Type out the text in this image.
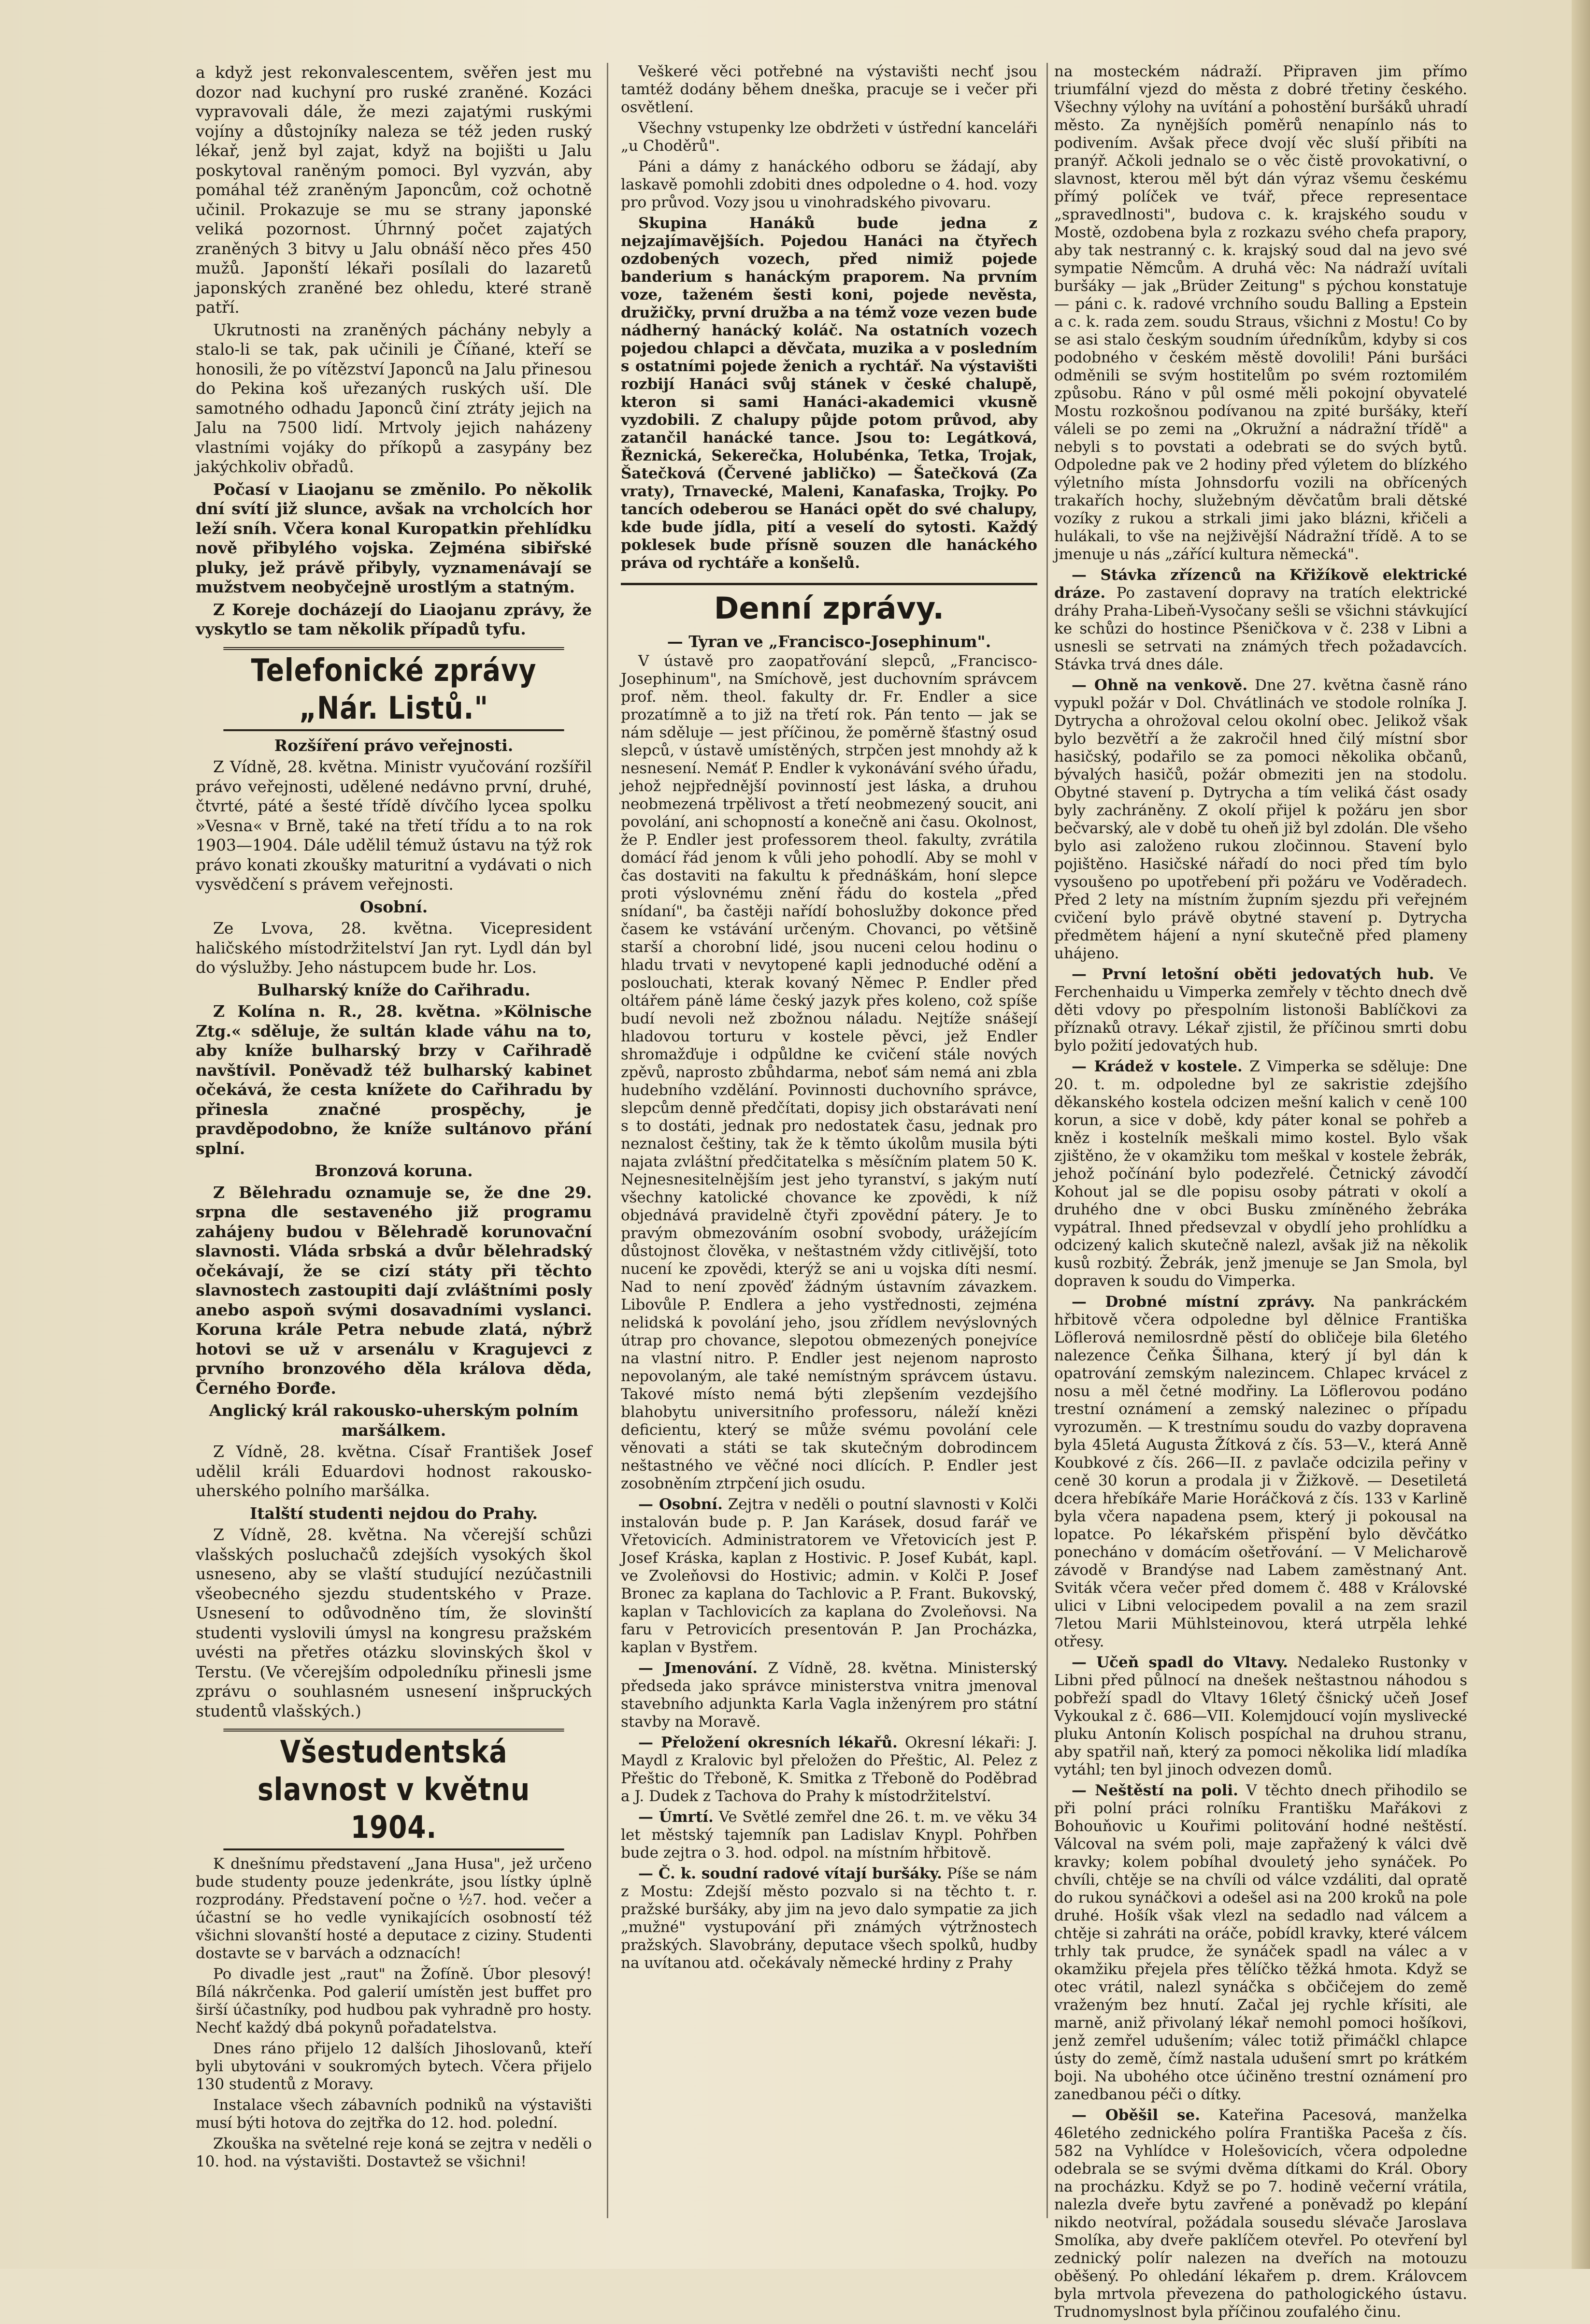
a když jest rekonvalescentem, svěřen jest mu dozor nad kuchyní pro ruské zraněné. Kozáci vypravovali dále, že mezi zajatými ruskými vojíny a důstojníky naleza se též jeden ruský lékař, jenž byl zajat, když na bojišti u Jalu poskytoval raněným pomoci. Byl vyzván, aby pomáhal též zraněným Japoncům, což ochotně učinil. Prokazuje se mu se strany japonské veliká pozornost. Úhrnný počet zajatých zraněných 3 bitvy u Jalu obnáší něco přes 450 mužů. Japonští lékaři posílali do lazaretů japonských zraněné bez ohledu, které straně patří.

Ukrutnosti na zraněných páchány nebyly a stalo-li se tak, pak učinili je Číňané, kteří se honosili, že po vítězství Japonců na Jalu přinesou do Pekina koš uřezaných ruských uší. Dle samotného odhadu Japonců činí ztráty jejich na Jalu na 7500 lidí. Mrtvoly jejich naházeny vlastními vojáky do příkopů a zasypány bez jakýchkoliv obřadů.

Počasí v Liaojanu se změnilo. Po několik dní svítí již slunce, avšak na vrcholcích hor leží sníh. Včera konal Kuropatkin přehlídku nově přibylého vojska. Zejména sibiřské pluky, jež právě přibyly, vyznamenávají se mužstvem neobyčejně urostlým a statným.

Z Koreje docházejí do Liaojanu zprávy, že vyskytlo se tam několik případů tyfu.

Telefonické zprávy „Nár. Listů."
Rozšíření právo veřejnosti.

Z Vídně, 28. května. Ministr vyučování rozšířil právo veřejnosti, udělené nedávno první, druhé, čtvrté, páté a šesté třídě dívčího lycea spolku »Vesna« v Brně, také na třetí třídu a to na rok 1903—1904. Dále udělil témuž ústavu na týž rok právo konati zkoušky maturitní a vydávati o nich vysvědčení s právem veřejnosti.

Osobní.

Ze Lvova, 28. května. Vicepresident haličského místodržitelství Jan ryt. Lydl dán byl do výslužby. Jeho nástupcem bude hr. Los.

Bulharský kníže do Cařihradu.

Z Kolína n. R., 28. května. »Kölnische Ztg.« sděluje, že sultán klade váhu na to, aby kníže bulharský brzy v Cařihradě navštívil. Poněvadž též bulharský kabinet očekává, že cesta knížete do Cařihradu by přinesla značné prospěchy, je pravděpodobno, že kníže sultánovo přání splní.

Bronzová koruna.

Z Bělehradu oznamuje se, že dne 29. srpna dle sestaveného již programu zahájeny budou v Bělehradě korunovační slavnosti. Vláda srbská a dvůr bělehradský očekávají, že se cizí státy při těchto slavnostech zastoupiti dají zvláštními posly anebo aspoň svými dosavadními vyslanci. Koruna krále Petra nebude zlatá, nýbrž hotovi se už v arsenálu v Kragujevci z prvního bronzového děla králova děda, Černého Đorđe.

Anglický král rakousko-uherským polním maršálkem.

Z Vídně, 28. května. Císař František Josef udělil králi Eduardovi hodnost rakousko-uherského polního maršálka.

Italští studenti nejdou do Prahy.

Z Vídně, 28. května. Na včerejší schůzi vlašských posluchačů zdejších vysokých škol usneseno, aby se vlaští studující nezúčastnili všeobecného sjezdu studentského v Praze. Usnesení to odůvodněno tím, že slovinští studenti vyslovili úmysl na kongresu pražském uvésti na přetřes otázku slovinských škol v Terstu. (Ve včerejším odpoledníku přinesli jsme zprávu o souhlasném usnesení inšpruckých studentů vlašských.)

Všestudentská slavnost v květnu 1904.

K dnešnímu představení „Jana Husa", jež určeno bude studenty pouze jedenkráte, jsou lístky úplně rozprodány. Představení počne o ½7. hod. večer a účastní se ho vedle vynikajících osobností též všichni slovanští hosté a deputace z ciziny. Studenti dostavte se v barvách a odznacích!

Po divadle jest „raut" na Žofíně. Úbor plesový! Bílá nákrčenka. Pod galerií umístěn jest buffet pro širší účastníky, pod hudbou pak vyhradně pro hosty. Nechť každý dbá pokynů pořadatelstva.

Dnes ráno přijelo 12 dalších Jihoslovanů, kteří byli ubytováni v soukromých bytech. Včera přijelo 130 studentů z Moravy.

Instalace všech zábavních podniků na výstavišti musí býti hotova do zejtřka do 12. hod. polední.

Zkouška na světelné reje koná se zejtra v neděli o 10. hod. na výstavišti. Dostavtež se všichni!

Veškeré věci potřebné na výstavišti nechť jsou tamtéž dodány během dneška, pracuje se i večer při osvětlení.

Všechny vstupenky lze obdržeti v ústřední kanceláři „u Choděrů".

Páni a dámy z hanáckého odboru se žádají, aby laskavě pomohli zdobiti dnes odpoledne o 4. hod. vozy pro průvod. Vozy jsou u vinohradského pivovaru.

Skupina Hanáků bude jedna z nejzajímavějších. Pojedou Hanáci na čtyřech ozdobených vozech, před nimiž pojede banderium s hanáckým praporem. Na prvním voze, taženém šesti koni, pojede nevěsta, družičky, první družba a na témž voze vezen bude nádherný hanácký koláč. Na ostatních vozech pojedou chlapci a děvčata, muzika a v posledním s ostatními pojede ženich a rychtář. Na výstavišti rozbijí Hanáci svůj stánek v české chalupě, kteron si sami Hanáci-akademici vkusně vyzdobili. Z chalupy půjde potom průvod, aby zatančil hanácké tance. Jsou to: Legátková, Řeznická, Sekerečka, Holubénka, Tetka, Trojak, Šatečková (Červené jabličko) — Šatečková (Za vraty), Trnavecké, Maleni, Kanafaska, Trojky. Po tancích odeberou se Hanáci opět do své chalupy, kde bude jídla, pití a veselí do sytosti. Každý poklesek bude přísně souzen dle hanáckého práva od rychtáře a konšelů.

Denní zprávy.
— Tyran ve „Francisco-Josephinum".

V ústavě pro zaopatřování slepců, „Francisco-Josephinum", na Smíchově, jest duchovním správcem prof. něm. theol. fakulty dr. Fr. Endler a sice prozatímně a to již na třetí rok. Pán tento — jak se nám sděluje — jest příčinou, že poměrně šťastný osud slepců, v ústavě umístěných, strpčen jest mnohdy až k nesnesení. Nemáť P. Endler k vykonávání svého úřadu, jehož nejpřednější povinností jest láska, a druhou neobmezená trpělivost a třetí neobmezený soucit, ani povolání, ani schopností a konečně ani času. Okolnost, že P. Endler jest professorem theol. fakulty, zvrátila domácí řád jenom k vůli jeho pohodlí. Aby se mohl v čas dostaviti na fakultu k přednáškám, honí slepce proti výslovnému znění řádu do kostela „před snídaní", ba častěji nařídí bohoslužby dokonce před časem ke vstávání určeným. Chovanci, po většině starší a chorobní lidé, jsou nuceni celou hodinu o hladu trvati v nevytopené kapli jednoduché odění a poslouchati, kterak kovaný Němec P. Endler před oltářem páně láme český jazyk přes koleno, což spíše budí nevoli než zbožnou náladu. Nejtíže snášejí hladovou torturu v kostele pěvci, jež Endler shromažďuje i odpůldne ke cvičení stále nových zpěvů, naprosto zbůhdarma, neboť sám nemá ani zbla hudebního vzdělání. Povinnosti duchovního správce, slepcům denně předčítati, dopisy jich obstarávati není s to dostáti, jednak pro nedostatek času, jednak pro neznalost češtiny, tak že k těmto úkolům musila býti najata zvláštní předčitatelka s měsíčním platem 50 K. Nejnesnesitelnějším jest jeho tyranství, s jakým nutí všechny katolické chovance ke zpovědi, k níž objednává pravidelně čtyři zpovědní pátery. Je to pravým obmezováním osobní svobody, urážejícím důstojnost člověka, v neštastném vždy citlivější, toto nucení ke zpovědi, kterýž se ani u vojska díti nesmí. Nad to není zpověď žádným ústavním závazkem. Libovůle P. Endlera a jeho vystřednosti, zejména nelidská k povolání jeho, jsou zřídlem nevýslovných útrap pro chovance, slepotou obmezených ponejvíce na vlastní nitro. P. Endler jest nejenom naprosto nepovolaným, ale také nemístným správcem ústavu. Takové místo nemá býti zlepšením vezdejšího blahobytu universitního professoru, náleží knězi deficientu, který se může svému povolání cele věnovati a státi se tak skutečným dobrodincem neštastného ve věčné noci dlících. P. Endler jest zosobněním ztrpčení jich osudu.

— Osobní. Zejtra v neděli o poutní slavnosti v Kolči instalován bude p. P. Jan Karásek, dosud farář ve Vřetovicích. Administratorem ve Vřetovicích jest P. Josef Kráska, kaplan z Hostivic. P. Josef Kubát, kapl. ve Zvoleňovsi do Hostivic; admin. v Kolči P. Josef Bronec za kaplana do Tachlovic a P. Frant. Bukovský, kaplan v Tachlovicích za kaplana do Zvoleňovsi. Na faru v Petrovicích presentován P. Jan Procházka, kaplan v Bystřem.

— Jmenování. Z Vídně, 28. května. Ministerský předseda jako správce ministerstva vnitra jmenoval stavebního adjunkta Karla Vagla inženýrem pro státní stavby na Moravě.

— Přeložení okresních lékařů. Okresní lékaři: J. Maydl z Kralovic byl přeložen do Přeštic, Al. Pelez z Přeštic do Třeboně, K. Smitka z Třeboně do Poděbrad a J. Dudek z Tachova do Prahy k místodržitelství.

— Úmrtí. Ve Světlé zemřel dne 26. t. m. ve věku 34 let městský tajemník pan Ladislav Knypl. Pohřben bude zejtra o 3. hod. odpol. na místním hřbitově.

— Č. k. soudní radové vítají buršáky. Píše se nám z Mostu: Zdejší město pozvalo si na těchto t. r. pražské buršáky, aby jim na jevo dalo sympatie za jich „mužné" vystupování při známých výtržnostech pražských. Slavobrány, deputace všech spolků, hudby na uvítanou atd. očekávaly německé hrdiny z Prahy

na mosteckém nádraží. Připraven jim přímo triumfální vjezd do města z dobré třetiny českého. Všechny výlohy na uvítání a pohostění buršáků uhradí město. Za nynějších poměrů nenapínlo nás to podivením. Avšak přece dvojí věc sluší přibíti na pranýř. Ačkoli jednalo se o věc čistě provokativní, o slavnost, kterou měl být dán výraz všemu českému přímý políček ve tvář, přece representace „spravedlnosti", budova c. k. krajského soudu v Mostě, ozdobena byla z rozkazu svého chefa prapory, aby tak nestranný c. k. krajský soud dal na jevo své sympatie Němcům. A druhá věc: Na nádraží uvítali buršáky — jak „Brüder Zeitung" s pýchou konstatuje — páni c. k. radové vrchního soudu Balling a Epstein a c. k. rada zem. soudu Straus, všichni z Mostu! Co by se asi stalo českým soudním úředníkům, kdyby si cos podobného v českém městě dovolili! Páni buršáci odměnili se svým hostitelům po svém roztomilém způsobu. Ráno v půl osmé měli pokojní obyvatelé Mostu rozkošnou podívanou na zpité buršáky, kteří váleli se po zemi na „Okružní a nádražní třídě" a nebyli s to povstati a odebrati se do svých bytů. Odpoledne pak ve 2 hodiny před výletem do blízkého výletního místa Johnsdorfu vozili na obřícených trakařích hochy, služebným děvčatům brali dětské vozíky z rukou a strkali jimi jako blázni, křičeli a hulákali, to vše na nejživější Nádražní třídě. A to se jmenuje u nás „zářící kultura německá".

— Stávka zřízenců na Křižíkově elektrické dráze. Po zastavení dopravy na tratích elektrické dráhy Praha-Libeň-Vysočany sešli se všichni stávkující ke schůzi do hostince Pšeničkova v č. 238 v Libni a usnesli se setrvati na známých třech požadavcích. Stávka trvá dnes dále.

— Ohně na venkově. Dne 27. května časně ráno vypukl požár v Dol. Chvátlinách ve stodole rolníka J. Dytrycha a ohrožoval celou okolní obec. Jelikož však bylo bezvětří a že zakročil hned čilý místní sbor hasičský, podařilo se za pomoci několika občanů, bývalých hasičů, požár obmeziti jen na stodolu. Obytné stavení p. Dytrycha a tím veliká část osady byly zachráněny. Z okolí přijel k požáru jen sbor bečvarský, ale v době tu oheň již byl zdolán. Dle všeho bylo asi založeno rukou zločinnou. Stavení bylo pojištěno. Hasičské nářadí do noci před tím bylo vysoušeno po upotřebení při požáru ve Voděradech. Před 2 lety na místním župním sjezdu při veřejném cvičení bylo právě obytné stavení p. Dytrycha předmětem hájení a nyní skutečně před plameny uhájeno.

— První letošní oběti jedovatých hub. Ve Ferchenhaidu u Vimperka zemřely v těchto dnech dvě děti vdovy po přespolním listonoši Bablíčkovi za příznaků otravy. Lékař zjistil, že příčinou smrti dobu bylo požití jedovatých hub.

— Krádež v kostele. Z Vimperka se sděluje: Dne 20. t. m. odpoledne byl ze sakristie zdejšího děkanského kostela odcizen mešní kalich v ceně 100 korun, a sice v době, kdy páter konal se pohřeb a kněz i kostelník meškali mimo kostel. Bylo však zjištěno, že v okamžiku tom meškal v kostele žebrák, jehož počínání bylo podezřelé. Četnický závodčí Kohout jal se dle popisu osoby pátrati v okolí a druhého dne v obci Busku zmíněného žebráka vypátral. Ihned předsevzal v obydlí jeho prohlídku a odcizený kalich skutečně nalezl, avšak již na několik kusů rozbitý. Žebrák, jenž jmenuje se Jan Smola, byl dopraven k soudu do Vimperka.

— Drobné místní zprávy. Na pankráckém hřbitově včera odpoledne byl dělnice Františka Löflerová nemilosrdně pěstí do obličeje bila 6letého nalezence Čeňka Šilhana, který jí byl dán k opatrování zemským nalezincem. Chlapec krvácel z nosu a měl četné modřiny. La Löflerovou podáno trestní oznámení a zemský nalezinec o případu vyrozuměn. — K trestnímu soudu do vazby dopravena byla 45letá Augusta Žítková z čís. 53—V., která Anně Koubkové z čís. 266—II. z pavlače odcizila peřiny v ceně 30 korun a prodala ji v Žižkově. — Desetiletá dcera hřebíkáře Marie Horáčková z čís. 133 v Karlině byla včera napadena psem, který ji pokousal na lopatce. Po lékařském přispění bylo děvčátko ponecháno v domácím ošetřování. — V Melicharově závodě v Brandýse nad Labem zaměstnaný Ant. Sviták včera večer před domem č. 488 v Královské ulici v Libni velocipedem povalil a na zem srazil 7letou Marii Mühlsteinovou, která utrpěla lehké otřesy.

— Učeň spadl do Vltavy. Nedaleko Rustonky v Libni před půlnocí na dnešek neštastnou náhodou s pobřeží spadl do Vltavy 16letý čšnický učeň Josef Vykoukal z č. 686—VII. Kolemjdoucí vojín myslivecké pluku Antonín Kolisch pospíchal na druhou stranu, aby spatřil naň, který za pomoci několika lidí mladíka vytáhl; ten byl jinoch odvezen domů.

— Neštěstí na poli. V těchto dnech přihodilo se při polní práci rolníku Františku Mařákovi z Bohouňovic u Kouřimi politování hodné neštěstí. Válcoval na svém poli, maje zapřažený k válci dvě kravky; kolem pobíhal dvouletý jeho synáček. Po chvíli, chtěje se na chvíli od válce vzdáliti, dal opratě do rukou synáčkovi a odešel asi na 200 kroků na pole druhé. Hošík však vlezl na sedadlo nad válcem a chtěje si zahráti na oráče, pobídl kravky, které válcem trhly tak prudce, že synáček spadl na válec a v okamžiku přejela přes tělíčko těžká hmota. Když se otec vrátil, nalezl synáčka s občičejem do země vraženým bez hnutí. Začal jej rychle křísiti, ale marně, aniž přivolaný lékař nemohl pomoci hošíkovi, jenž zemřel udušením; válec totiž přimáčkl chlapce ústy do země, čímž nastala udušení smrt po krátkém boji. Na ubohého otce účiněno trestní oznámení pro zanedbanou péči o dítky.

— Oběšil se. Kateřina Pacesová, manželka 46letého zednického políra Františka Paceša z čís. 582 na Vyhlídce v Holešovicích, včera odpoledne odebrala se se svými dvěma dítkami do Král. Obory na procházku. Když se po 7. hodině večerní vrátila, nalezla dveře bytu zavřené a poněvadž po klepání nikdo neotvíral, požádala sousedu slévače Jaroslava Smolíka, aby dveře paklíčem otevřel. Po otevření byl zednický polír nalezen na dveřích na motouzu oběšený. Po ohledání lékařem p. drem. Královcem byla mrtvola převezena do pathologického ústavu. Trudnomyslnost byla příčinou zoufalého činu.
